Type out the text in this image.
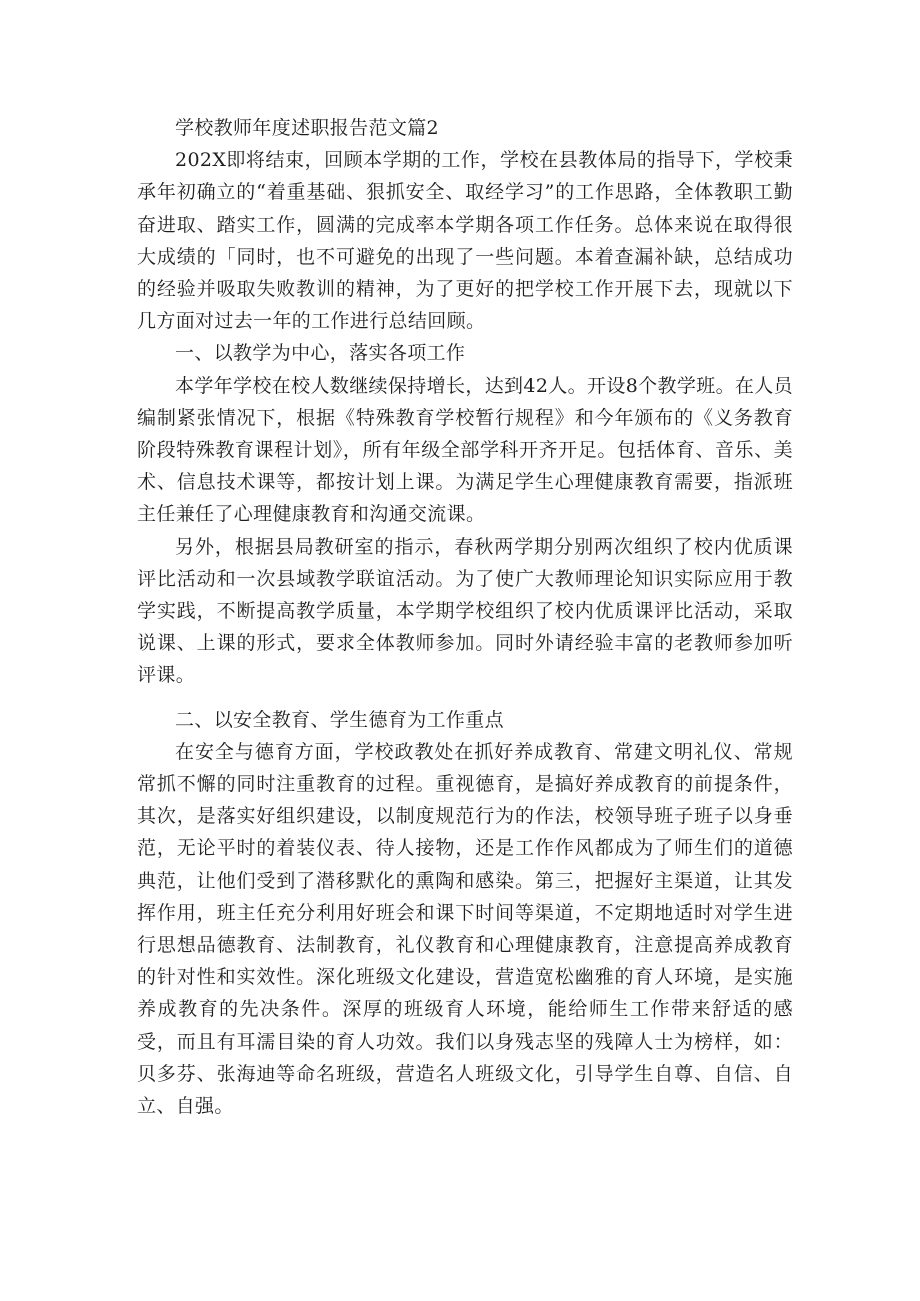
学校教师年度述职报告范文篇2

202X即将结束，回顾本学期的工作，学校在县教体局的指导下，学校秉承年初确立的“着重基础、狠抓安全、取经学习”的工作思路，全体教职工勤奋进取、踏实工作，圆满的完成率本学期各项工作任务。总体来说在取得很大成绩的「同时，也不可避免的出现了一些问题。本着查漏补缺，总结成功的经验并吸取失败教训的精神，为了更好的把学校工作开展下去，现就以下几方面对过去一年的工作进行总结回顾。

一、以教学为中心，落实各项工作

本学年学校在校人数继续保持增长，达到42人。开设8个教学班。在人员编制紧张情况下，根据《特殊教育学校暂行规程》和今年颁布的《义务教育阶段特殊教育课程计划》，所有年级全部学科开齐开足。包括体育、音乐、美术、信息技术课等，都按计划上课。为满足学生心理健康教育需要，指派班主任兼任了心理健康教育和沟通交流课。

另外，根据县局教研室的指示，春秋两学期分别两次组织了校内优质课评比活动和一次县域教学联谊活动。为了使广大教师理论知识实际应用于教学实践，不断提高教学质量，本学期学校组织了校内优质课评比活动，采取说课、上课的形式，要求全体教师参加。同时外请经验丰富的老教师参加听评课。

二、以安全教育、学生德育为工作重点

在安全与德育方面，学校政教处在抓好养成教育、常建文明礼仪、常规常抓不懈的同时注重教育的过程。重视德育，是搞好养成教育的前提条件，其次，是落实好组织建设，以制度规范行为的作法，校领导班子班子以身垂范，无论平时的着装仪表、待人接物，还是工作作风都成为了师生们的道德典范，让他们受到了潜移默化的熏陶和感染。第三，把握好主渠道，让其发挥作用，班主任充分利用好班会和课下时间等渠道，不定期地适时对学生进行思想品德教育、法制教育，礼仪教育和心理健康教育，注意提高养成教育的针对性和实效性。深化班级文化建设，营造宽松幽雅的育人环境，是实施养成教育的先决条件。深厚的班级育人环境，能给师生工作带来舒适的感受，而且有耳濡目染的育人功效。我们以身残志坚的残障人士为榜样，如：贝多芬、张海迪等命名班级，营造名人班级文化，引导学生自尊、自信、自立、自强。
